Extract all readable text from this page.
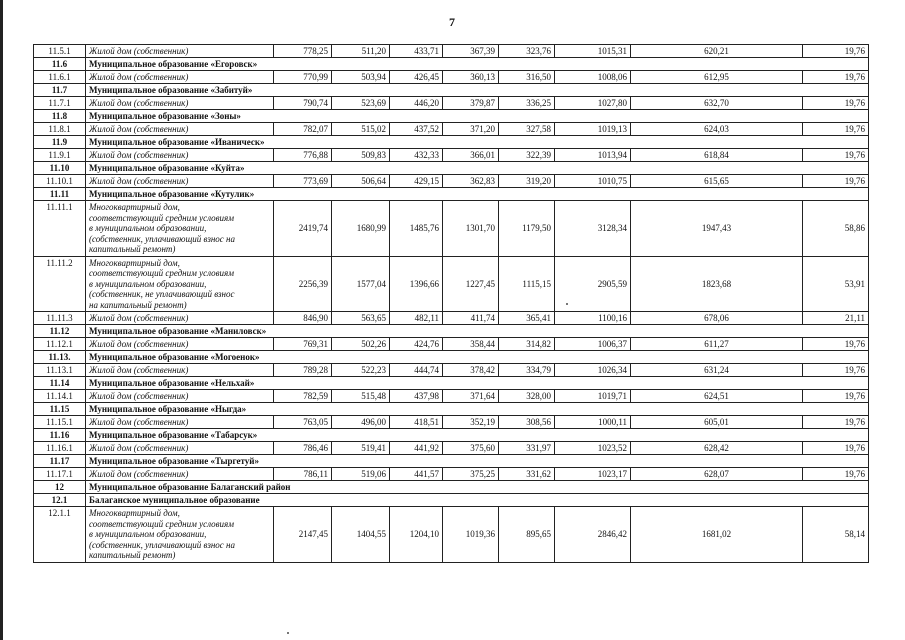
7
11.5.1	Жилой дом (собственник)	778,25	511,20	433,71	367,39	323,76	1015,31	620,21	19,76
11.6	Муниципальное образование «Егоровск»								
11.6.1	Жилой дом (собственник)	770,99	503,94	426,45	360,13	316,50	1008,06	612,95	19,76
11.7	Муниципальное образование «Забитуй»								
11.7.1	Жилой дом (собственник)	790,74	523,69	446,20	379,87	336,25	1027,80	632,70	19,76
11.8	Муниципальное образование «Зоны»								
11.8.1	Жилой дом (собственник)	782,07	515,02	437,52	371,20	327,58	1019,13	624,03	19,76
11.9	Муниципальное образование «Иваническ»								
11.9.1	Жилой дом (собственник)	776,88	509,83	432,33	366,01	322,39	1013,94	618,84	19,76
11.10	Муниципальное образование «Куйта»								
11.10.1	Жилой дом (собственник)	773,69	506,64	429,15	362,83	319,20	1010,75	615,65	19,76
11.11	Муниципальное образование «Кутулик»								
11.11.1	Многоквартирный дом,
соответствующий средним условиям
в муниципальном образовании,
(собственник, уплачивающий взнос на
капитальный ремонт)	2419,74	1680,99	1485,76	1301,70	1179,50	3128,34	1947,43	58,86
11.11.2	Многоквартирный дом,
соответствующий средним условиям
в муниципальном образовании,
(собственник, не уплачивающий взнос
на капитальный ремонт)	2256,39	1577,04	1396,66	1227,45	1115,15	2905,59	1823,68	53,91
11.11.3	Жилой дом (собственник)	846,90	563,65	482,11	411,74	365,41	1100,16	678,06	21,11
11.12	Муниципальное образование «Маниловск»								
11.12.1	Жилой дом (собственник)	769,31	502,26	424,76	358,44	314,82	1006,37	611,27	19,76
11.13.	Муниципальное образование «Могоенок»								
11.13.1	Жилой дом (собственник)	789,28	522,23	444,74	378,42	334,79	1026,34	631,24	19,76
11.14	Муниципальное образование «Нельхай»								
11.14.1	Жилой дом (собственник)	782,59	515,48	437,98	371,64	328,00	1019,71	624,51	19,76
11.15	Муниципальное образование «Ныгда»								
11.15.1	Жилой дом (собственник)	763,05	496,00	418,51	352,19	308,56	1000,11	605,01	19,76
11.16	Муниципальное образование «Табарсук»								
11.16.1	Жилой дом (собственник)	786,46	519,41	441,92	375,60	331,97	1023,52	628,42	19,76
11.17	Муниципальное образование «Тыргетуй»								
11.17.1	Жилой дом (собственник)	786,11	519,06	441,57	375,25	331,62	1023,17	628,07	19,76
12	Муниципальное образование Балаганский район								
12.1	Балаганское муниципальное образование								
12.1.1	Многоквартирный дом,
соответствующий средним условиям
в муниципальном образовании,
(собственник, уплачивающий взнос на
капитальный ремонт)	2147,45	1404,55	1204,10	1019,36	895,65	2846,42	1681,02	58,14
